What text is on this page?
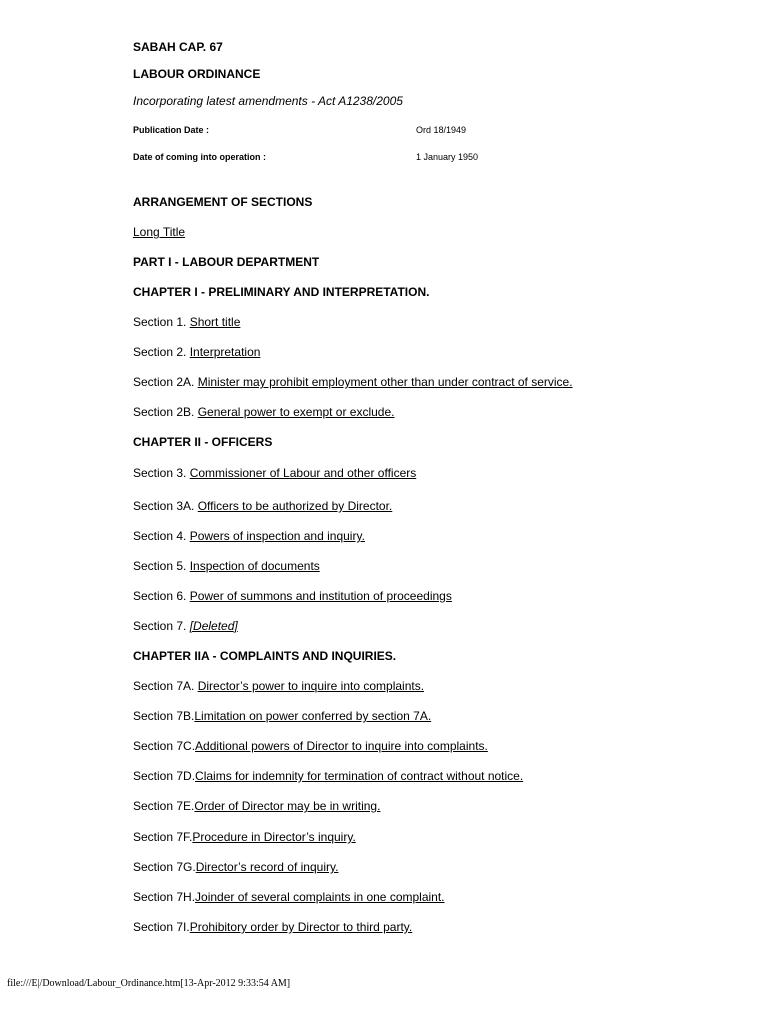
SABAH CAP. 67
LABOUR ORDINANCE
Incorporating latest amendments - Act A1238/2005
Publication Date :	Ord 18/1949
Date of coming into operation :	1 January 1950
ARRANGEMENT OF SECTIONS
Long Title
PART I - LABOUR DEPARTMENT
CHAPTER I - PRELIMINARY AND INTERPRETATION.
Section 1. Short title
Section 2. Interpretation
Section 2A. Minister may prohibit employment other than under contract of service.
Section 2B. General power to exempt or exclude.
CHAPTER II - OFFICERS
Section 3. Commissioner of Labour and other officers
Section 3A. Officers to be authorized by Director.
Section 4. Powers of inspection and inquiry.
Section 5. Inspection of documents
Section 6. Power of summons and institution of proceedings
Section 7. [Deleted]
CHAPTER IIA - COMPLAINTS AND INQUIRIES.
Section 7A. Director’s power to inquire into complaints.
Section 7B.Limitation on power conferred by section 7A.
Section 7C.Additional powers of Director to inquire into complaints.
Section 7D.Claims for indemnity for termination of contract without notice.
Section 7E.Order of Director may be in writing.
Section 7F.Procedure in Director’s inquiry.
Section 7G.Director’s record of inquiry.
Section 7H.Joinder of several complaints in one complaint.
Section 7I.Prohibitory order by Director to third party.
file:///E|/Download/Labour_Ordinance.htm[13-Apr-2012 9:33:54 AM]
